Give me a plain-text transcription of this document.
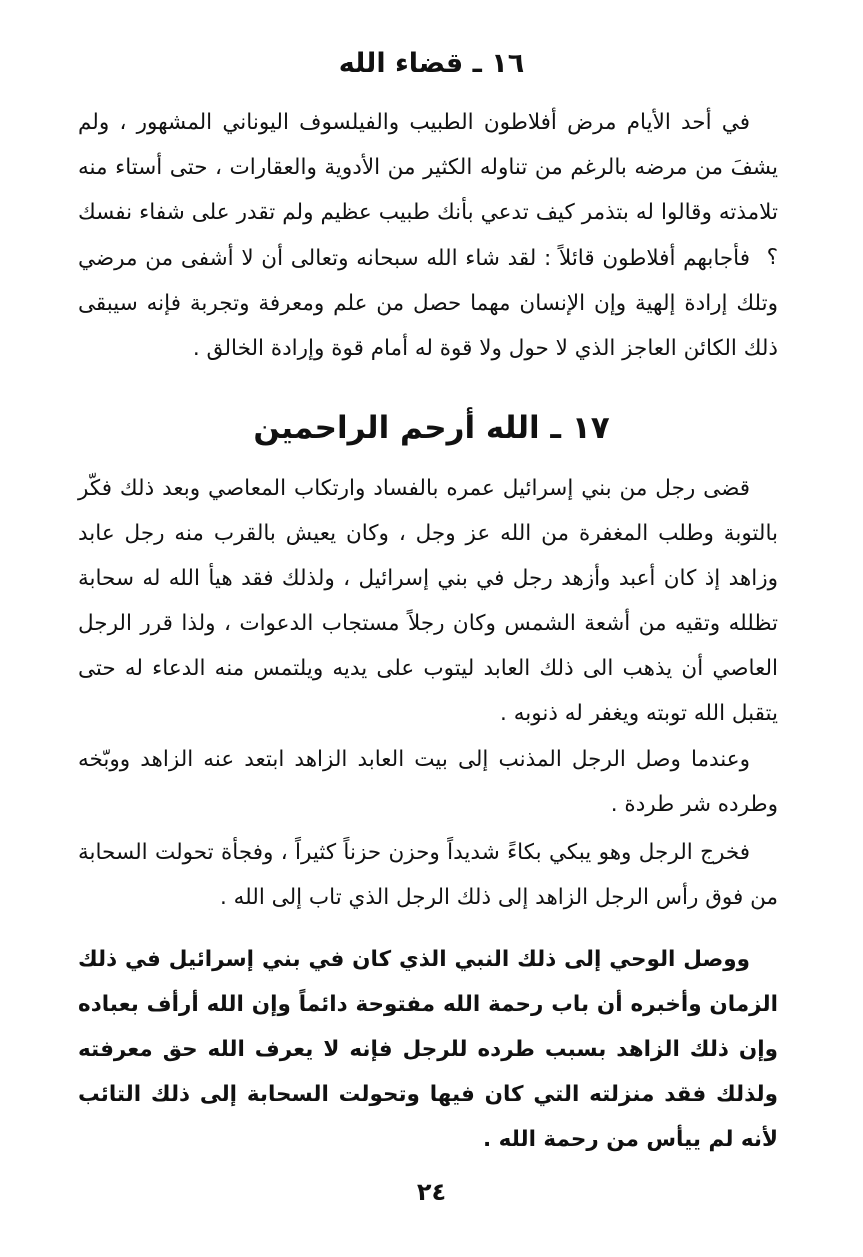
١٦ ـ قضاء الله

في أحد الأيام مرض أفلاطون الطبيب والفيلسوف اليوناني المشهور ، ولم يشفَ من مرضه بالرغم من تناوله الكثير من الأدوية والعقارات ، حتى أستاء منه تلامذته وقالوا له بتذمر كيف تدعي بأنك طبيب عظيم ولم تقدر على شفاء نفسك ؟

فأجابهم أفلاطون قائلاً : لقد شاء الله سبحانه وتعالى أن لا أشفى من مرضي وتلك إرادة إلهية وإن الإنسان مهما حصل من علم ومعرفة وتجربة فإنه سيبقى ذلك الكائن العاجز الذي لا حول ولا قوة له أمام قوة وإرادة الخالق .

١٧ ـ الله أرحم الراحمين

قضى رجل من بني إسرائيل عمره بالفساد وارتكاب المعاصي وبعد ذلك فكّر بالتوبة وطلب المغفرة من الله عز وجل ، وكان يعيش بالقرب منه رجل عابد وزاهد إذ كان أعبد وأزهد رجل في بني إسرائيل ، ولذلك فقد هيأ الله له سحابة تظلله وتقيه من أشعة الشمس وكان رجلاً مستجاب الدعوات ، ولذا قرر الرجل العاصي أن يذهب الى ذلك العابد ليتوب على يديه ويلتمس منه الدعاء له حتى يتقبل الله توبته ويغفر له ذنوبه .

وعندما وصل الرجل المذنب إلى بيت العابد الزاهد ابتعد عنه الزاهد ووبّخه وطرده شر طردة .

فخرج الرجل وهو يبكي بكاءً شديداً وحزن حزناً كثيراً ، وفجأة تحولت السحابة من فوق رأس الرجل الزاهد إلى ذلك الرجل الذي تاب إلى الله .

ووصل الوحي إلى ذلك النبي الذي كان في بني إسرائيل في ذلك الزمان وأخبره أن باب رحمة الله مفتوحة دائماً وإن الله أرأف بعباده وإن ذلك الزاهد بسبب طرده للرجل فإنه لا يعرف الله حق معرفته ولذلك فقد منزلته التي كان فيها وتحولت السحابة إلى ذلك التائب لأنه لم ييأس من رحمة الله .

٢٤
